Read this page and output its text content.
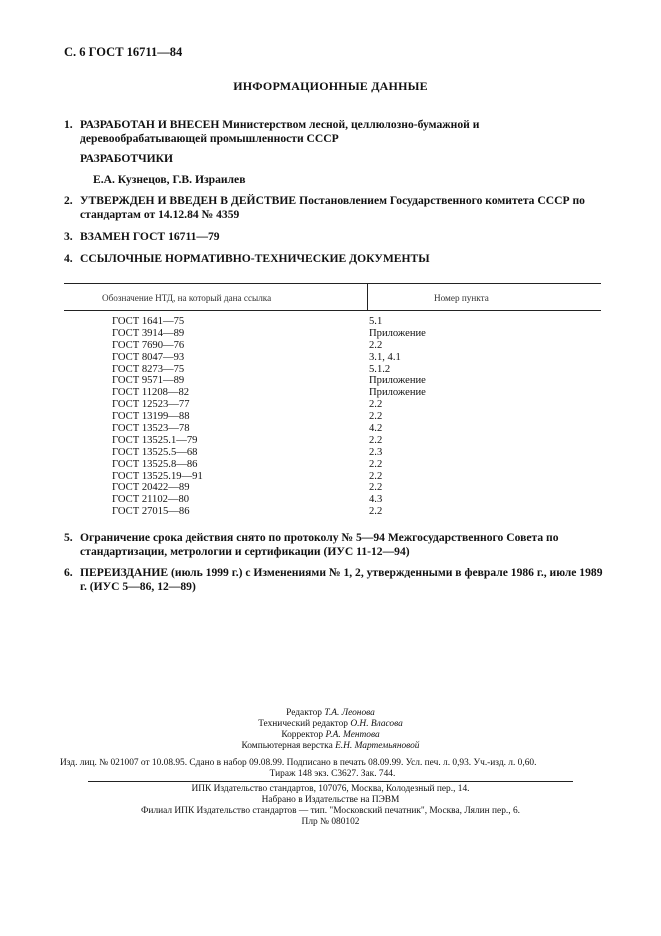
С. 6 ГОСТ 16711—84
ИНФОРМАЦИОННЫЕ ДАННЫЕ
1. РАЗРАБОТАН И ВНЕСЕН Министерством лесной, целлюлозно-бумажной и деревообрабатывающей промышленности СССР
РАЗРАБОТЧИКИ
Е.А. Кузнецов, Г.В. Израилев
2. УТВЕРЖДЕН И ВВЕДЕН В ДЕЙСТВИЕ Постановлением Государственного комитета СССР по стандартам от 14.12.84 № 4359
3. ВЗАМЕН ГОСТ 16711—79
4. ССЫЛОЧНЫЕ НОРМАТИВНО-ТЕХНИЧЕСКИЕ ДОКУМЕНТЫ
Обозначение НТД, на который дана ссылка	Номер пункта
ГОСТ 1641—75	5.1
ГОСТ 3914—89	Приложение
ГОСТ 7690—76	2.2
ГОСТ 8047—93	3.1, 4.1
ГОСТ 8273—75	5.1.2
ГОСТ 9571—89	Приложение
ГОСТ 11208—82	Приложение
ГОСТ 12523—77	2.2
ГОСТ 13199—88	2.2
ГОСТ 13523—78	4.2
ГОСТ 13525.1—79	2.2
ГОСТ 13525.5—68	2.3
ГОСТ 13525.8—86	2.2
ГОСТ 13525.19—91	2.2
ГОСТ 20422—89	2.2
ГОСТ 21102—80	4.3
ГОСТ 27015—86	2.2
5. Ограничение срока действия снято по протоколу № 5—94 Межгосударственного Совета по стандартизации, метрологии и сертификации (ИУС 11-12—94)
6. ПЕРЕИЗДАНИЕ (июль 1999 г.) с Изменениями № 1, 2, утвержденными в феврале 1986 г., июле 1989 г. (ИУС 5—86, 12—89)
Редактор Т.А. Леонова
Технический редактор О.Н. Власова
Корректор Р.А. Ментова
Компьютерная верстка Е.Н. Мартемьяновой
Изд. лиц. № 021007 от 10.08.95. Сдано в набор 09.08.99. Подписано в печать 08.09.99. Усл. печ. л. 0,93. Уч.-изд. л. 0,60.
Тираж 148 экз. С3627. Зак. 744.
ИПК Издательство стандартов, 107076, Москва, Колодезный пер., 14.
Набрано в Издательстве на ПЭВМ
Филиал ИПК Издательство стандартов — тип. "Московский печатник", Москва, Лялин пер., 6.
Плр № 080102
